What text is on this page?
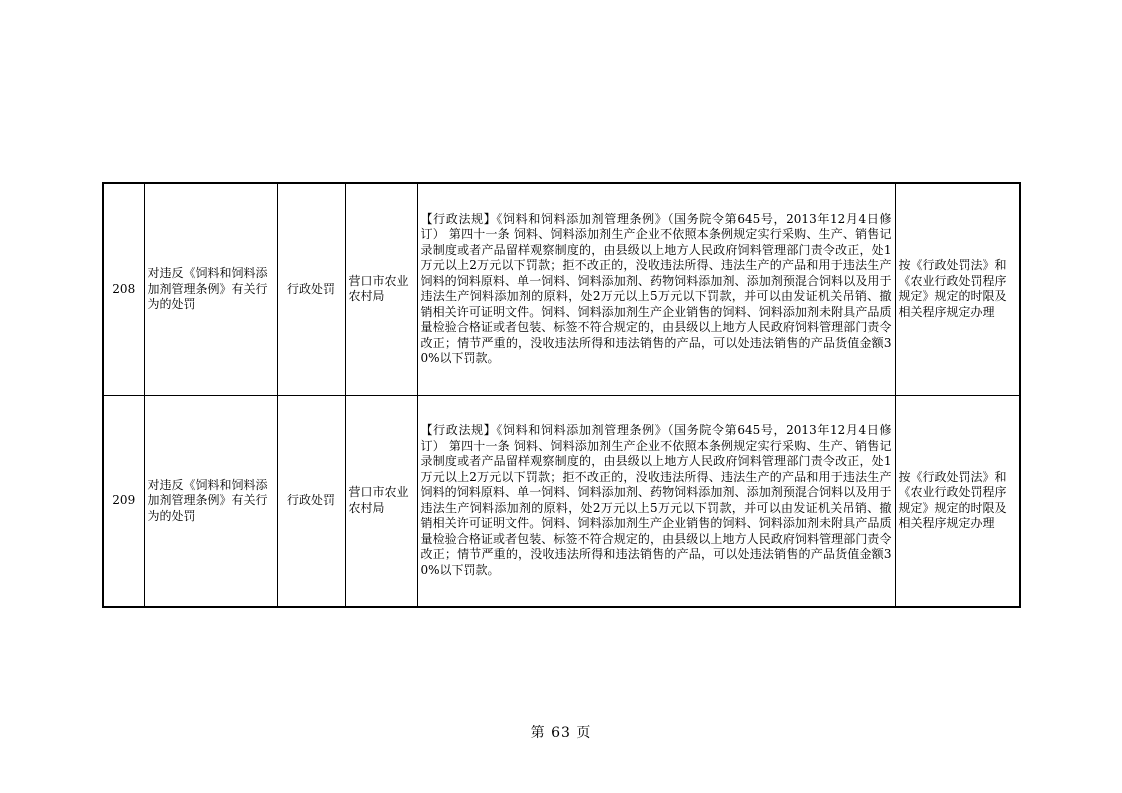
208	对违反《饲料和饲料添加剂管理条例》有关行为的处罚	行政处罚	营口市农业农村局	【行政法规】《饲料和饲料添加剂管理条例》（国务院令第645号，2013年12月4日修订） 第四十一条 饲料、饲料添加剂生产企业不依照本条例规定实行采购、生产、销售记录制度或者产品留样观察制度的，由县级以上地方人民政府饲料管理部门责令改正，处1万元以上2万元以下罚款；拒不改正的，没收违法所得、违法生产的产品和用于违法生产饲料的饲料原料、单一饲料、饲料添加剂、药物饲料添加剂、添加剂预混合饲料以及用于违法生产饲料添加剂的原料，处2万元以上5万元以下罚款，并可以由发证机关吊销、撤销相关许可证明文件。饲料、饲料添加剂生产企业销售的饲料、饲料添加剂未附具产品质量检验合格证或者包装、标签不符合规定的，由县级以上地方人民政府饲料管理部门责令改正；情节严重的，没收违法所得和违法销售的产品，可以处违法销售的产品货值金额30%以下罚款。	按《行政处罚法》和《农业行政处罚程序规定》规定的时限及相关程序规定办理
209	对违反《饲料和饲料添加剂管理条例》有关行为的处罚	行政处罚	营口市农业农村局	【行政法规】《饲料和饲料添加剂管理条例》（国务院令第645号，2013年12月4日修订） 第四十一条 饲料、饲料添加剂生产企业不依照本条例规定实行采购、生产、销售记录制度或者产品留样观察制度的，由县级以上地方人民政府饲料管理部门责令改正，处1万元以上2万元以下罚款；拒不改正的，没收违法所得、违法生产的产品和用于违法生产饲料的饲料原料、单一饲料、饲料添加剂、药物饲料添加剂、添加剂预混合饲料以及用于违法生产饲料添加剂的原料，处2万元以上5万元以下罚款，并可以由发证机关吊销、撤销相关许可证明文件。饲料、饲料添加剂生产企业销售的饲料、饲料添加剂未附具产品质量检验合格证或者包装、标签不符合规定的，由县级以上地方人民政府饲料管理部门责令改正；情节严重的，没收违法所得和违法销售的产品，可以处违法销售的产品货值金额30%以下罚款。	按《行政处罚法》和《农业行政处罚程序规定》规定的时限及相关程序规定办理
第 63 页
